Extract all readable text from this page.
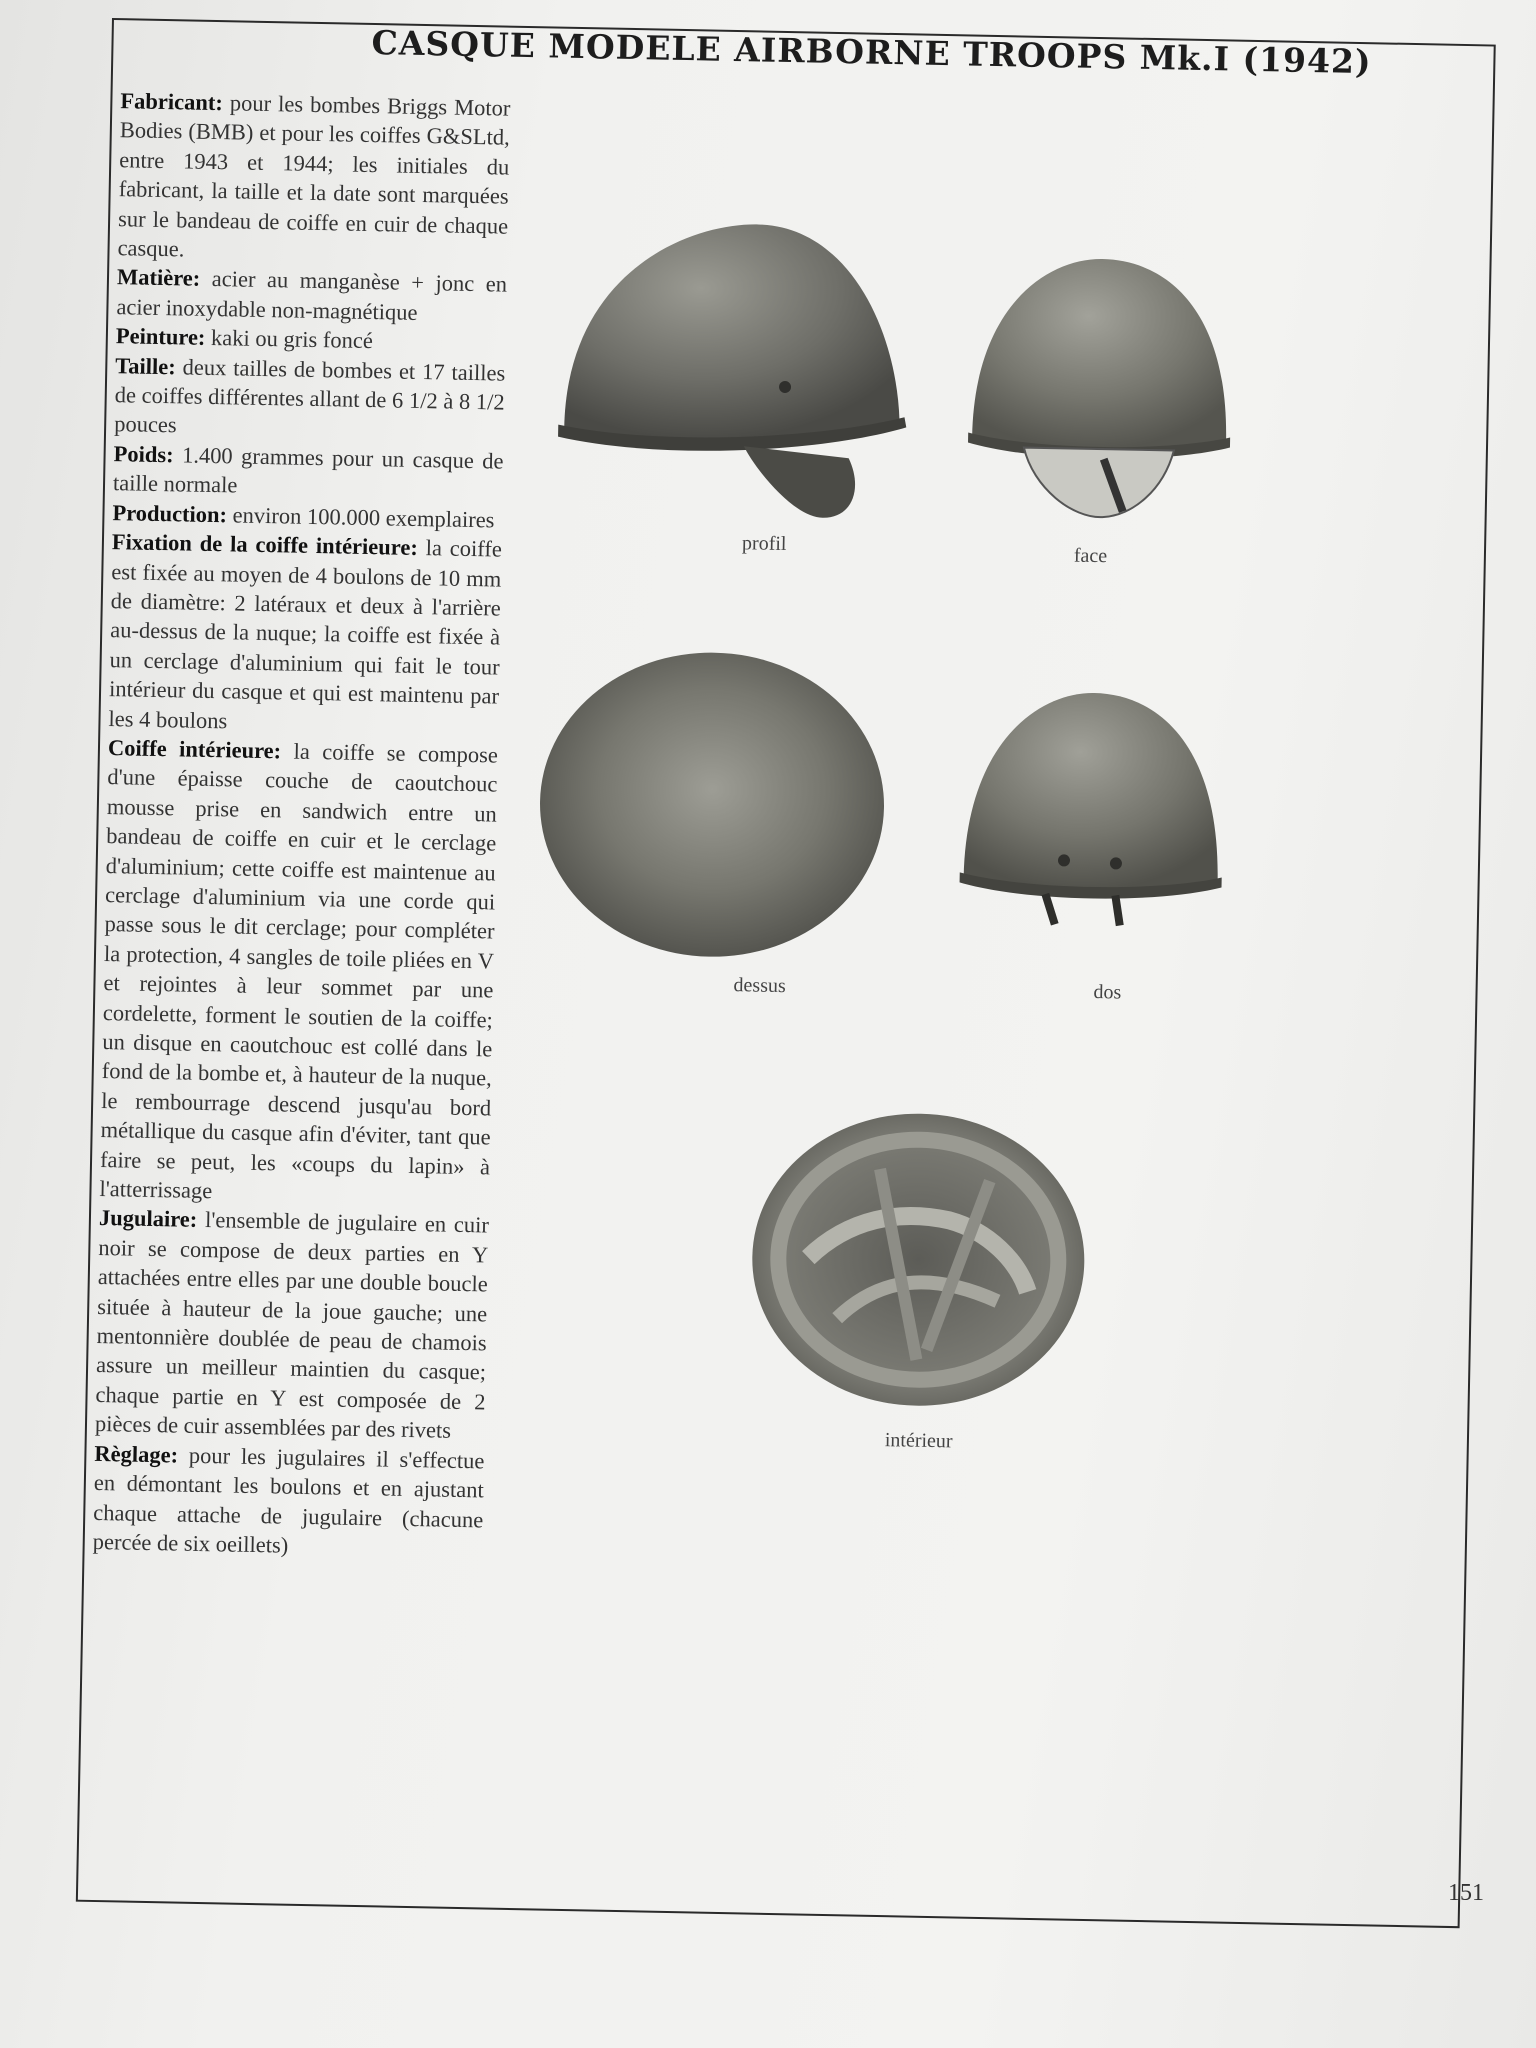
CASQUE MODELE AIRBORNE TROOPS Mk.I (1942)

Fabricant: pour les bombes Briggs Motor Bodies (BMB) et pour les coiffes G&SLtd, entre 1943 et 1944; les initiales du fabricant, la taille et la date sont marquées sur le bandeau de coiffe en cuir de chaque casque.

Matière: acier au manganèse + jonc en acier inoxydable non-magnétique

Peinture: kaki ou gris foncé

Taille: deux tailles de bombes et 17 tailles de coiffes différentes allant de 6 1/2 à 8 1/2 pouces

Poids: 1.400 grammes pour un casque de taille normale

Production: environ 100.000 exemplaires

Fixation de la coiffe intérieure: la coiffe est fixée au moyen de 4 boulons de 10 mm de diamètre: 2 latéraux et deux à l'arrière au-dessus de la nuque; la coiffe est fixée à un cerclage d'aluminium qui fait le tour intérieur du casque et qui est maintenu par les 4 boulons

Coiffe intérieure: la coiffe se compose d'une épaisse couche de caoutchouc mousse prise en sandwich entre un bandeau de coiffe en cuir et le cerclage d'aluminium; cette coiffe est maintenue au cerclage d'aluminium via une corde qui passe sous le dit cerclage; pour compléter la protection, 4 sangles de toile pliées en V et rejointes à leur sommet par une cordelette, forment le soutien de la coiffe; un disque en caoutchouc est collé dans le fond de la bombe et, à hauteur de la nuque, le rembourrage descend jusqu'au bord métallique du casque afin d'éviter, tant que faire se peut, les «coups du lapin» à l'atterrissage

Jugulaire: l'ensemble de jugulaire en cuir noir se compose de deux parties en Y attachées entre elles par une double boucle située à hauteur de la joue gauche; une mentonnière doublée de peau de chamois assure un meilleur maintien du casque; chaque partie en Y est composée de 2 pièces de cuir assemblées par des rivets

Règlage: pour les jugulaires il s'effectue en démontant les boulons et en ajustant chaque attache de jugulaire (chacune percée de six oeillets)

profil
face
dessus	dos
intérieur
151
